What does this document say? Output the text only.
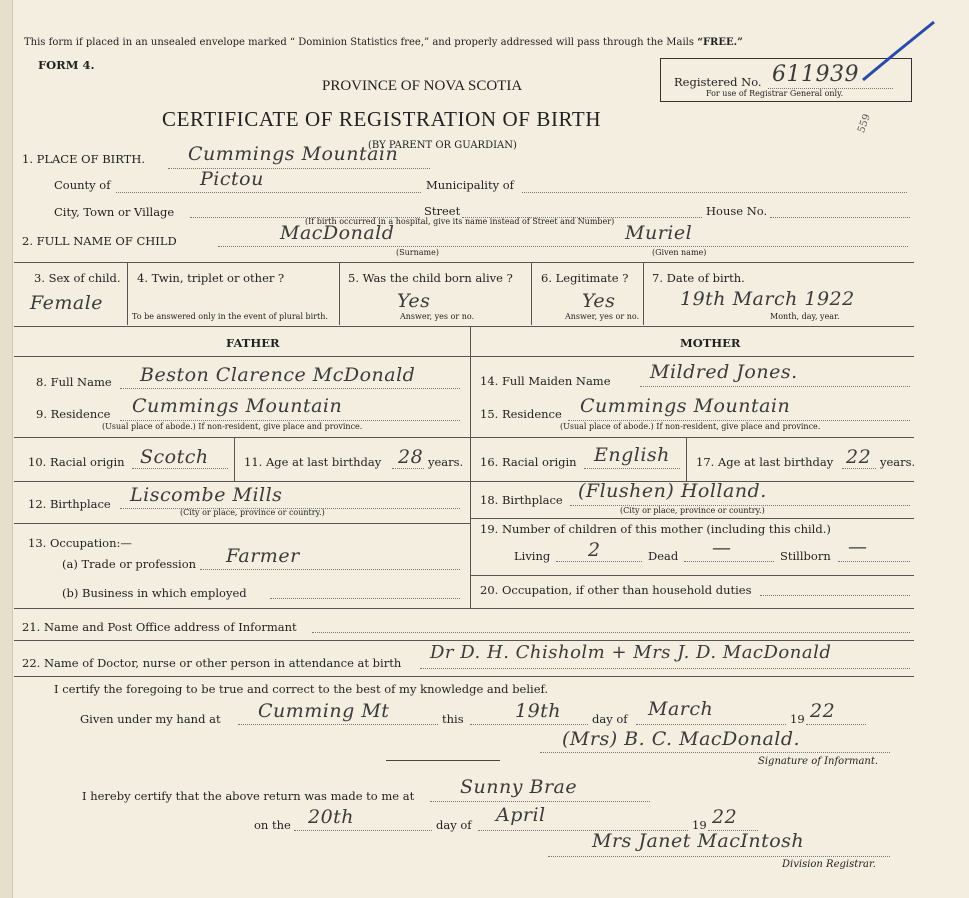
This form if placed in an unsealed envelope marked “ Dominion Statistics free,” and properly addressed will pass through the Mails “FREE.”
FORM 4.
PROVINCE OF NOVA SCOTIA
CERTIFICATE OF REGISTRATION OF BIRTH
(BY PARENT OR GUARDIAN)
Registered No. 611939
For use of Registrar General only.
559
1. PLACE OF BIRTH. Cummings Mountain
County of	Pictou	Municipality of
City, Town or Village	Street	House No.
(If birth occurred in a hospital, give its name instead of Street and Number)
2. FULL NAME OF CHILD	MacDonald	Muriel
(Surname)	(Given name)
3. Sex of child.
Female
4. Twin, triplet or other ?
To be answered only in the event of plural birth.
5. Was the child born alive ?
Yes
Answer, yes or no.
6. Legitimate ?
Yes
Answer, yes or no.
7. Date of birth.
19th March 1922
Month, day, year.
FATHER	MOTHER
8. Full Name Beston Clarence McDonald
9. Residence Cummings Mountain
(Usual place of abode.) If non-resident, give place and province.
10. Racial origin Scotch	11. Age at last birthday 28 years.
12. Birthplace Liscombe Mills
(City or place, province or country.)
13. Occupation:—
(a) Trade or profession Farmer
(b) Business in which employed
14. Full Maiden Name Mildred Jones.
15. Residence Cummings Mountain
(Usual place of abode.) If non-resident, give place and province.
16. Racial origin English 17. Age at last birthday 22 years.
18. Birthplace (Flushen) Holland.
(City or place, province or country.)
19. Number of children of this mother (including this child.)
Living 2	Dead —	Stillborn —
20. Occupation, if other than household duties
21. Name and Post Office address of Informant
22. Name of Doctor, nurse or other person in attendance at birth Dr D. H. Chisholm + Mrs J. D. MacDonald
I certify the foregoing to be true and correct to the best of my knowledge and belief.
Given under my hand at Cumming Mt	this	19th	day of March	19 22
(Mrs) B. C. MacDonald.
Signature of Informant.
I hereby certify that the above return was made to me at Sunny Brae
on the 20th	day of April	19 22
Mrs Janet MacIntosh
Division Registrar.
